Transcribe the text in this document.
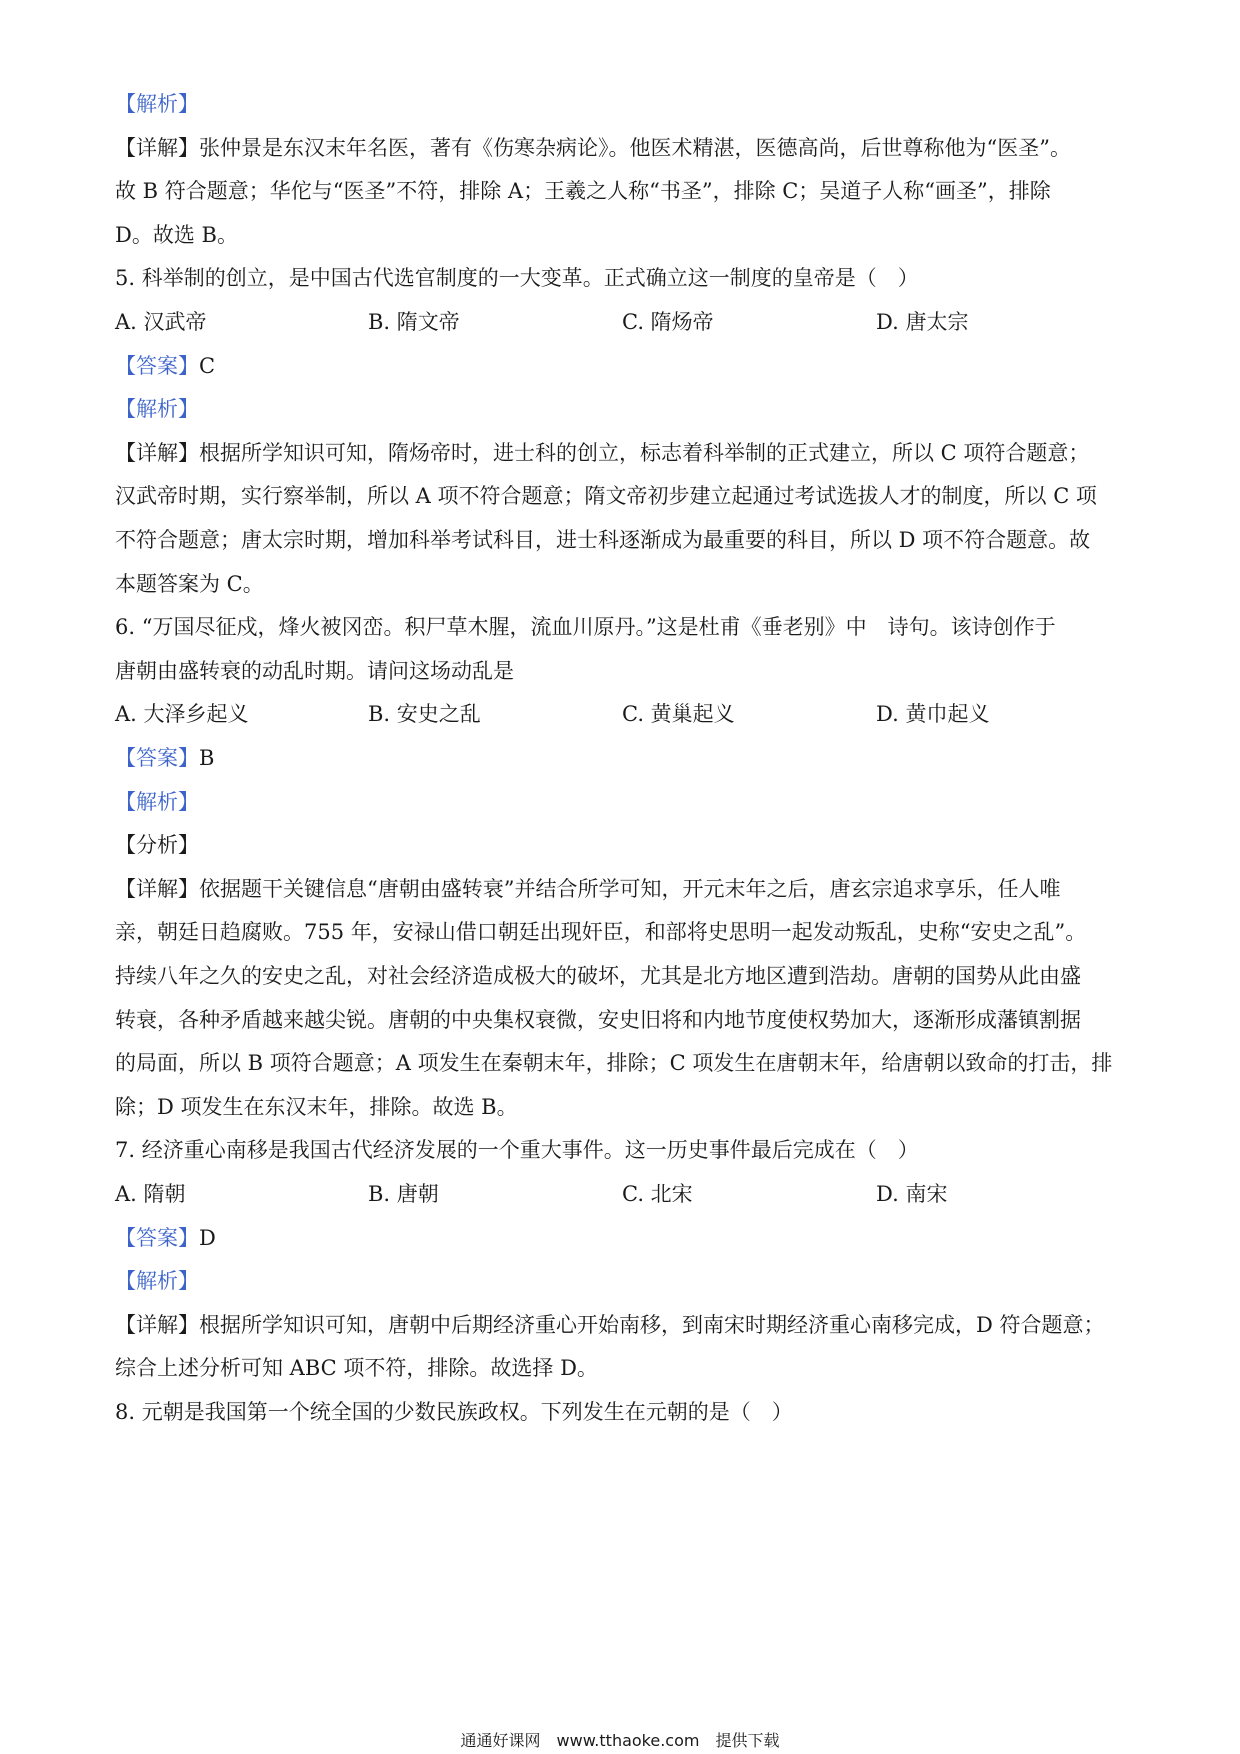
【解析】
【详解】张仲景是东汉末年名医，著有《伤寒杂病论》。他医术精湛，医德高尚，后世尊称他为“医圣”。
故 B 符合题意；华佗与“医圣”不符，排除 A；王羲之人称“书圣”，排除 C；吴道子人称“画圣”，排除
D。故选 B。
5. 科举制的创立，是中国古代选官制度的一大变革。正式确立这一制度的皇帝是（　）
A. 汉武帝	B. 隋文帝	C. 隋炀帝	D. 唐太宗
【答案】C
【解析】
【详解】根据所学知识可知，隋炀帝时，进士科的创立，标志着科举制的正式建立，所以 C 项符合题意；
汉武帝时期，实行察举制，所以 A 项不符合题意；隋文帝初步建立起通过考试选拔人才的制度，所以 C 项
不符合题意；唐太宗时期，增加科举考试科目，进士科逐渐成为最重要的科目，所以 D 项不符合题意。故
本题答案为 C。
6. “万国尽征戍，烽火被冈峦。积尸草木腥，流血川原丹。”这是杜甫《垂老别》中　诗句。该诗创作于
唐朝由盛转衰的动乱时期。请问这场动乱是
A. 大泽乡起义	B. 安史之乱	C. 黄巢起义	D. 黄巾起义
【答案】B
【解析】
【分析】
【详解】依据题干关键信息“唐朝由盛转衰”并结合所学可知，开元末年之后，唐玄宗追求享乐，任人唯
亲，朝廷日趋腐败。755 年，安禄山借口朝廷出现奸臣，和部将史思明一起发动叛乱，史称“安史之乱”。
持续八年之久的安史之乱，对社会经济造成极大的破坏，尤其是北方地区遭到浩劫。唐朝的国势从此由盛
转衰，各种矛盾越来越尖锐。唐朝的中央集权衰微，安史旧将和内地节度使权势加大，逐渐形成藩镇割据
的局面，所以 B 项符合题意；A 项发生在秦朝末年，排除；C 项发生在唐朝末年，给唐朝以致命的打击，排
除；D 项发生在东汉末年，排除。故选 B。
7. 经济重心南移是我国古代经济发展的一个重大事件。这一历史事件最后完成在（　）
A. 隋朝	B. 唐朝	C. 北宋	D. 南宋
【答案】D
【解析】
【详解】根据所学知识可知，唐朝中后期经济重心开始南移，到南宋时期经济重心南移完成，D 符合题意；
综合上述分析可知 ABC 项不符，排除。故选择 D。
8. 元朝是我国第一个统全国的少数民族政权。下列发生在元朝的是（　）
通通好课网　www.tthaoke.com　提供下载
